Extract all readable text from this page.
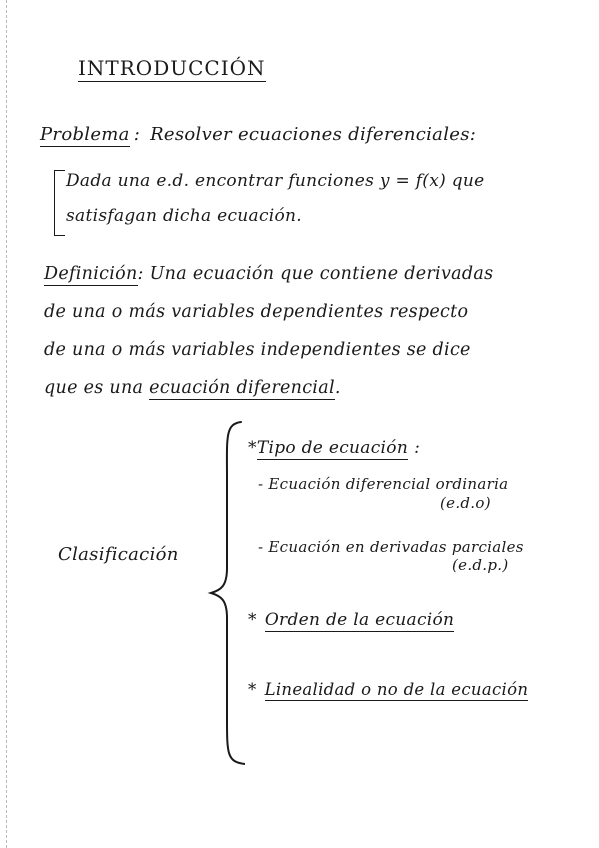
INTRODUCCIÓN
Problema : Resolver ecuaciones diferenciales:
Dada una e.d. encontrar funciones y = f(x) que
satisfagan dicha ecuación.
Definición: Una ecuación que contiene derivadas
de una o más variables dependientes respecto
de una o más variables independientes se dice
que es una ecuación diferencial.
Clasificación
*Tipo de ecuación :
- Ecuación diferencial ordinaria
(e.d.o)
- Ecuación en derivadas parciales
(e.d.p.)
* Orden de la ecuación
* Linealidad o no de la ecuación
